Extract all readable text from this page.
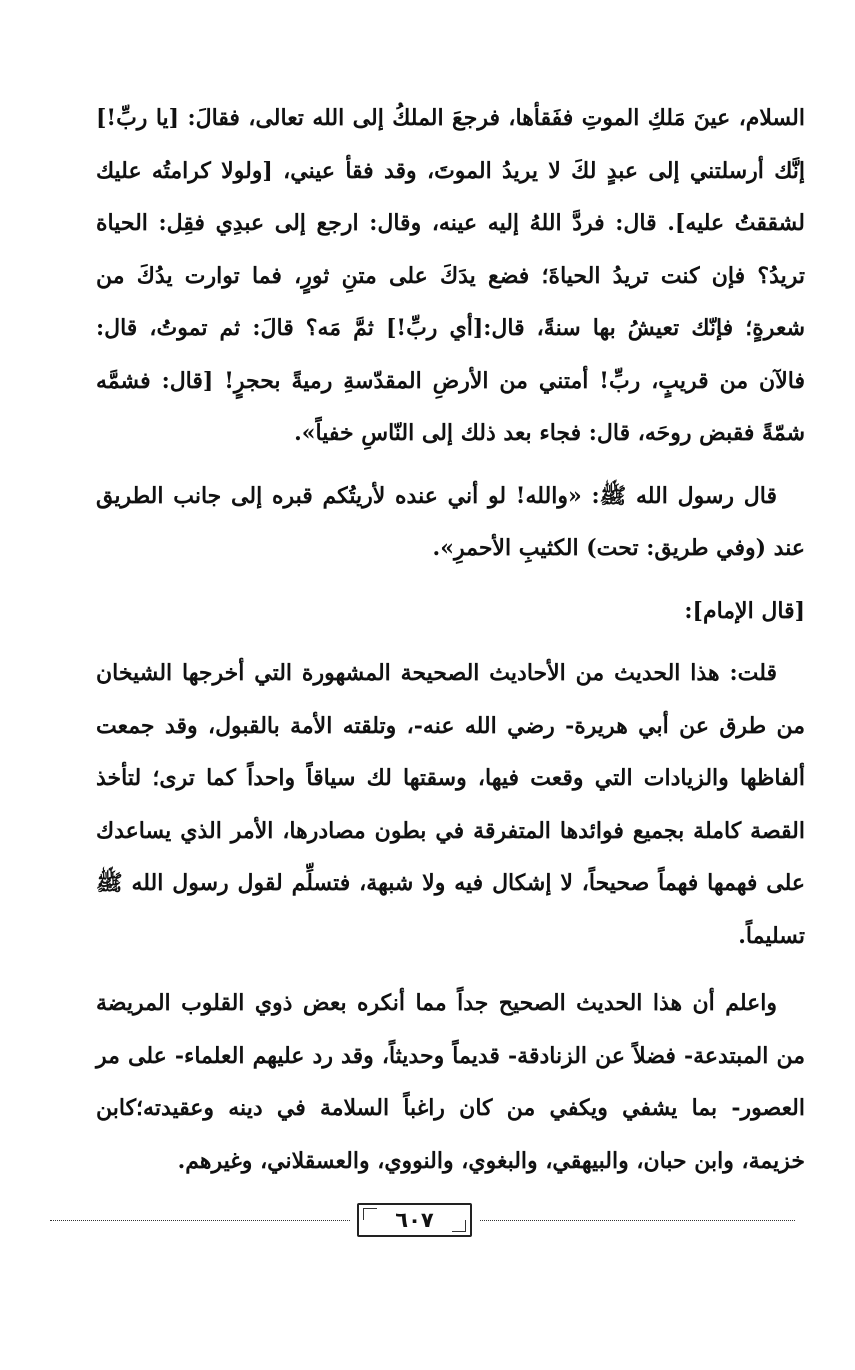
السلام، عينَ مَلكِ الموتِ ففَقأها، فرجعَ الملكُ إلى الله تعالى، فقالَ: [يا ربِّ!] إنَّك أرسلتني إلى عبدٍ لكَ لا يريدُ الموتَ، وقد فقأ عيني، [ولولا كرامتُه عليك لشققتُ عليه]. قال: فردَّ اللهُ إليه عينه، وقال: ارجع إلى عبدِي فقِل: الحياة تريدُ؟ فإن كنت تريدُ الحياةَ؛ فضع يدَكَ على متنِ ثورٍ، فما توارت يدُكَ من شعرةٍ؛ فإنّك تعيشُ بها سنةً، قال:[أي ربِّ!] ثمَّ مَه؟ قالَ: ثم تموتُ، قال: فالآن من قريبٍ، ربِّ! أمتني من الأرضِ المقدّسةِ رميةً بحجرٍ! [قال: فشمَّه شمّةً فقبض روحَه، قال: فجاء بعد ذلك إلى النّاسِ خفياً».

قال رسول الله ﷺ: «والله! لو أني عنده لأريتُكم قبره إلى جانب الطريق عند (وفي طريق: تحت) الكثيبِ الأحمرِ».

[قال الإمام]:

قلت: هذا الحديث من الأحاديث الصحيحة المشهورة التي أخرجها الشيخان من طرق عن أبي هريرة- رضي الله عنه-، وتلقته الأمة بالقبول، وقد جمعت ألفاظها والزيادات التي وقعت فيها، وسقتها لك سياقاً واحداً كما ترى؛ لتأخذ القصة كاملة بجميع فوائدها المتفرقة في بطون مصادرها، الأمر الذي يساعدك على فهمها فهماً صحيحاً، لا إشكال فيه ولا شبهة، فتسلِّم لقول رسول الله ﷺ تسليماً.

واعلم أن هذا الحديث الصحيح جداً مما أنكره بعض ذوي القلوب المريضة من المبتدعة- فضلاً عن الزنادقة- قديماً وحديثاً، وقد رد عليهم العلماء- على مر العصور- بما يشفي ويكفي من كان راغباً السلامة في دينه وعقيدته؛كابن خزيمة، وابن حبان، والبيهقي، والبغوي، والنووي، والعسقلاني، وغيرهم.

٦٠٧
